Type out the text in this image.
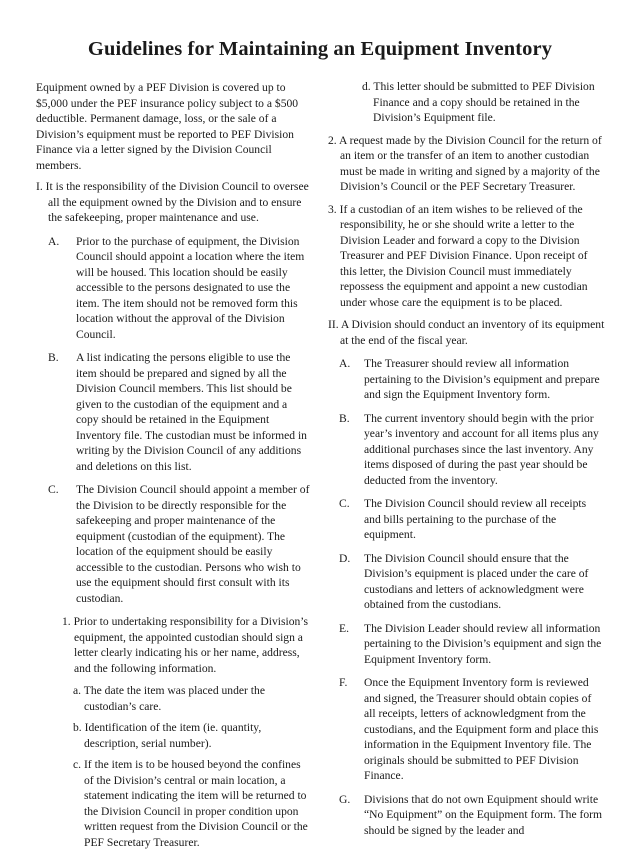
Guidelines for Maintaining an Equipment Inventory

Equipment owned by a PEF Division is covered up to $5,000 under the PEF insurance policy subject to a $500 deductible. Permanent damage, loss, or the sale of a Division’s equipment must be reported to PEF Division Finance via a letter signed by the Division Council members.

I. It is the responsibility of the Division Council to oversee all the equipment owned by the Division and to ensure the safekeeping, proper maintenance and use.

A. Prior to the purchase of equipment, the Division Council should appoint a location where the item will be housed. This location should be easily accessible to the persons designated to use the item. The item should not be removed form this location without the approval of the Division Council.
B. A list indicating the persons eligible to use the item should be prepared and signed by all the Division Council members. This list should be given to the custodian of the equipment and a copy should be retained in the Equipment Inventory file. The custodian must be informed in writing by the Division Council of any additions and deletions on this list.
C. The Division Council should appoint a member of the Division to be directly responsible for the safekeeping and proper maintenance of the equipment (custodian of the equipment). The location of the equipment should be easily accessible to the custodian. Persons who wish to use the equipment should first consult with its custodian.

1. Prior to undertaking responsibility for a Division’s equipment, the appointed custodian should sign a letter clearly indicating his or her name, address, and the following information.

a. The date the item was placed under the custodian’s care.

b. Identification of the item (ie. quantity, description, serial number).

c. If the item is to be housed beyond the confines of the Division’s central or main location, a statement indicating the item will be returned to the Division Council in proper condition upon written request from the Division Council or the PEF Secretary Treasurer.

d. This letter should be submitted to PEF Division Finance and a copy should be retained in the Division’s Equipment file.

2. A request made by the Division Council for the return of an item or the transfer of an item to another custodian must be made in writing and signed by a majority of the Division’s Council or the PEF Secretary Treasurer.

3. If a custodian of an item wishes to be relieved of the responsibility, he or she should write a letter to the Division Leader and forward a copy to the Division Treasurer and PEF Division Finance. Upon receipt of this letter, the Division Council must immediately repossess the equipment and appoint a new custodian under whose care the equipment is to be placed.

II. A Division should conduct an inventory of its equipment at the end of the fiscal year.

A. The Treasurer should review all information pertaining to the Division’s equipment and prepare and sign the Equipment Inventory form.
B. The current inventory should begin with the prior year’s inventory and account for all items plus any additional purchases since the last inventory. Any items disposed of during the past year should be deducted from the inventory.
C. The Division Council should review all receipts and bills pertaining to the purchase of the equipment.
D. The Division Council should ensure that the Division’s equipment is placed under the care of custodians and letters of acknowledgment were obtained from the custodians.
E. The Division Leader should review all information pertaining to the Division’s equipment and sign the Equipment Inventory form.
F. Once the Equipment Inventory form is reviewed and signed, the Treasurer should obtain copies of all receipts, letters of acknowledgment from the custodians, and the Equipment form and place this information in the Equipment Inventory file. The originals should be submitted to PEF Division Finance.
G. Divisions that do not own Equipment should write “No Equipment” on the Equipment form. The form should be signed by the leader and
